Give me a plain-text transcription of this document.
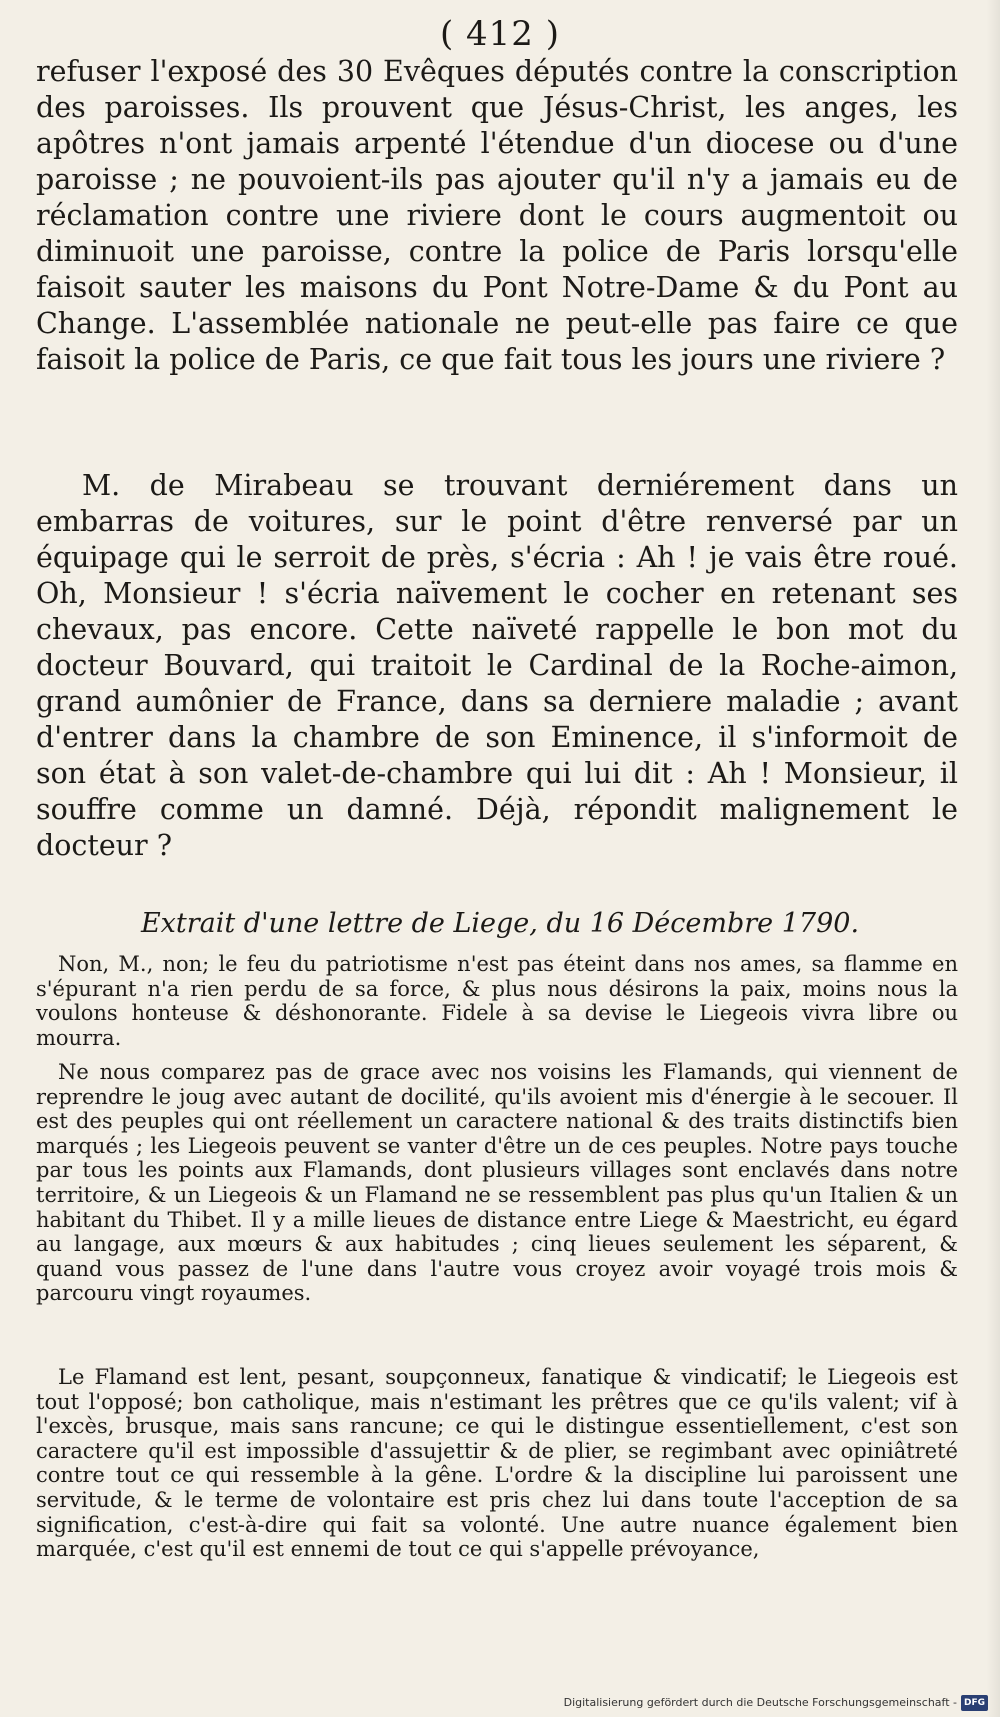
( 412 )

refuser l'exposé des 30 Evêques députés contre la conscription des paroisses. Ils prouvent que Jésus-Christ, les anges, les apôtres n'ont jamais arpenté l'étendue d'un diocese ou d'une paroisse ; ne pouvoient-ils pas ajouter qu'il n'y a jamais eu de réclamation contre une riviere dont le cours augmentoit ou diminuoit une paroisse, contre la police de Paris lorsqu'elle faisoit sauter les maisons du Pont Notre-Dame & du Pont au Change. L'assemblée nationale ne peut-elle pas faire ce que faisoit la police de Paris, ce que fait tous les jours une riviere ?

M. de Mirabeau se trouvant derniérement dans un embarras de voitures, sur le point d'être renversé par un équipage qui le serroit de près, s'écria : Ah ! je vais être roué. Oh, Monsieur ! s'écria naïvement le cocher en retenant ses chevaux, pas encore. Cette naïveté rappelle le bon mot du docteur Bouvard, qui traitoit le Cardinal de la Roche-aimon, grand aumônier de France, dans sa derniere maladie ; avant d'entrer dans la chambre de son Eminence, il s'informoit de son état à son valet-de-chambre qui lui dit : Ah ! Monsieur, il souffre comme un damné. Déjà, répondit malignement le docteur ?

Extrait d'une lettre de Liege, du 16 Décembre 1790.

Non, M., non; le feu du patriotisme n'est pas éteint dans nos ames, sa flamme en s'épurant n'a rien perdu de sa force, & plus nous désirons la paix, moins nous la voulons honteuse & déshonorante. Fidele à sa devise le Liegeois vivra libre ou mourra.

Ne nous comparez pas de grace avec nos voisins les Flamands, qui viennent de reprendre le joug avec autant de docilité, qu'ils avoient mis d'énergie à le secouer. Il est des peuples qui ont réellement un caractere national & des traits distinctifs bien marqués ; les Liegeois peuvent se vanter d'être un de ces peuples. Notre pays touche par tous les points aux Flamands, dont plusieurs villages sont enclavés dans notre territoire, & un Liegeois & un Flamand ne se ressemblent pas plus qu'un Italien & un habitant du Thibet. Il y a mille lieues de distance entre Liege & Maestricht, eu égard au langage, aux mœurs & aux habitudes ; cinq lieues seulement les séparent, & quand vous passez de l'une dans l'autre vous croyez avoir voyagé trois mois & parcouru vingt royaumes.

Le Flamand est lent, pesant, soupçonneux, fanatique & vindicatif; le Liegeois est tout l'opposé; bon catholique, mais n'estimant les prêtres que ce qu'ils valent; vif à l'excès, brusque, mais sans rancune; ce qui le distingue essentiellement, c'est son caractere qu'il est impossible d'assujettir & de plier, se regimbant avec opiniâtreté contre tout ce qui ressemble à la gêne. L'ordre & la discipline lui paroissent une servitude, & le terme de volontaire est pris chez lui dans toute l'acception de sa signification, c'est-à-dire qui fait sa volonté. Une autre nuance également bien marquée, c'est qu'il est ennemi de tout ce qui s'appelle prévoyance,

Digitalisierung gefördert durch die Deutsche Forschungsgemeinschaft - DFG
